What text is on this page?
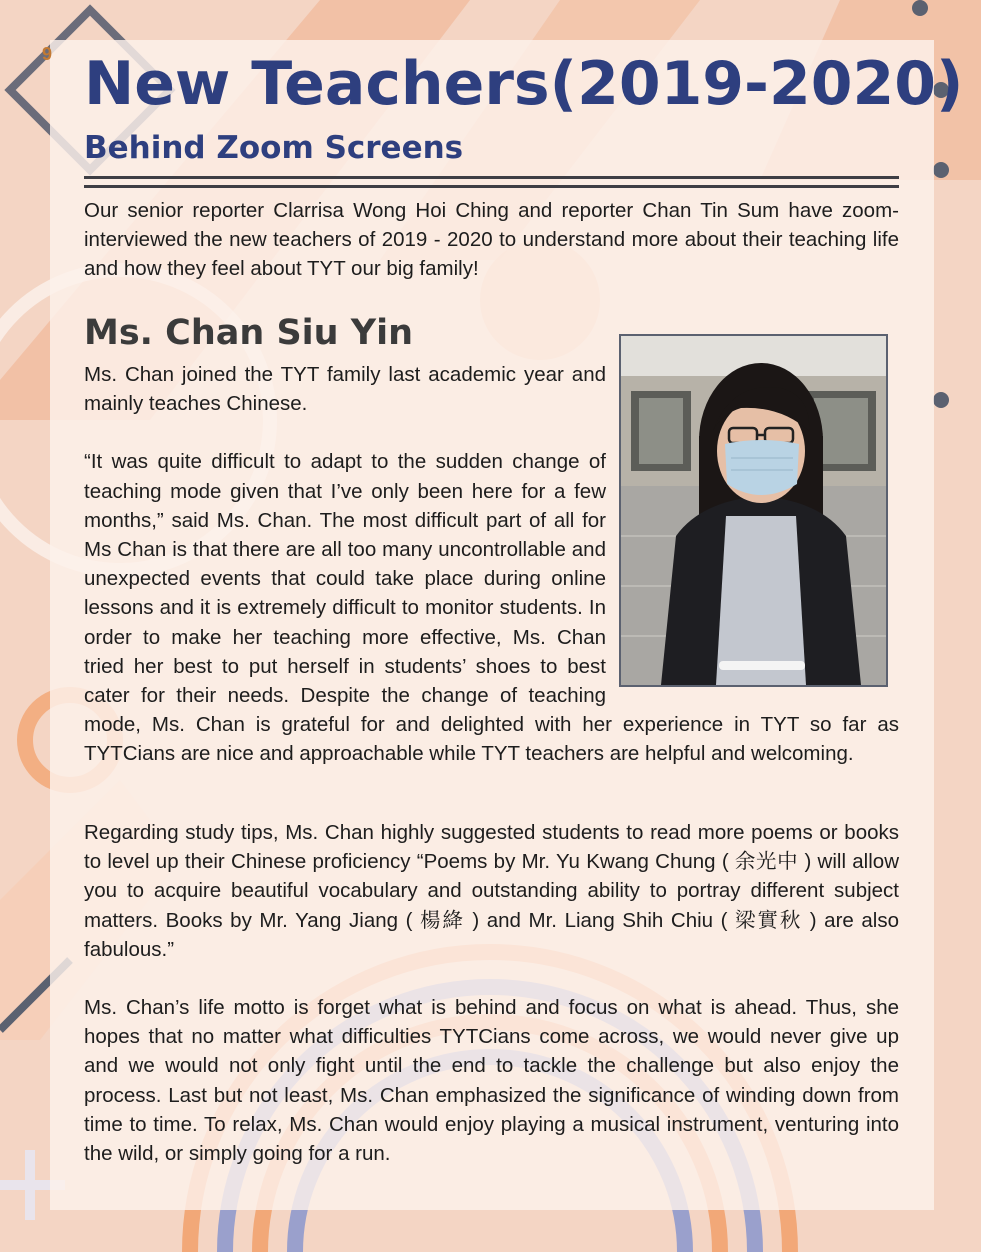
9 New Teachers(2019-2020)
Behind Zoom Screens

Our senior reporter Clarrisa Wong Hoi Ching and reporter Chan Tin Sum have zoom-interviewed the new teachers of 2019 - 2020 to understand more about their teaching life and how they feel about TYT our big family!

Ms. Chan Siu Yin

Ms. Chan joined the TYT family last academic year and mainly teaches Chinese.

“It was quite difficult to adapt to the sudden change of teaching mode given that I’ve only been here for a few months,” said Ms. Chan. The most difficult part of all for Ms Chan is that there are all too many uncontrollable and unexpected events that could take place during online lessons and it is extremely difficult to monitor students. In order to make her teaching more effective, Ms. Chan tried her best to put herself in students’ shoes to best cater for their needs. Despite the change of teaching mode, Ms. Chan is grateful for and delighted with her experience in TYT so far as TYTCians are nice and approachable while TYT teachers are helpful and welcoming.

Regarding study tips, Ms. Chan highly suggested students to read more poems or books to level up their Chinese proficiency “Poems by Mr. Yu Kwang Chung ( 余光中 ) will allow you to acquire beautiful vocabulary and outstanding ability to portray different subject matters. Books by Mr. Yang Jiang ( 楊絳 ) and Mr. Liang Shih Chiu ( 梁實秋 ) are also fabulous.”

Ms. Chan’s life motto is forget what is behind and focus on what is ahead. Thus, she hopes that no matter what difficulties TYTCians come across, we would never give up and we would not only fight until the end to tackle the challenge but also enjoy the process. Last but not least, Ms. Chan emphasized the significance of winding down from time to time. To relax, Ms. Chan would enjoy playing a musical instrument, venturing into the wild, or simply going for a run.
